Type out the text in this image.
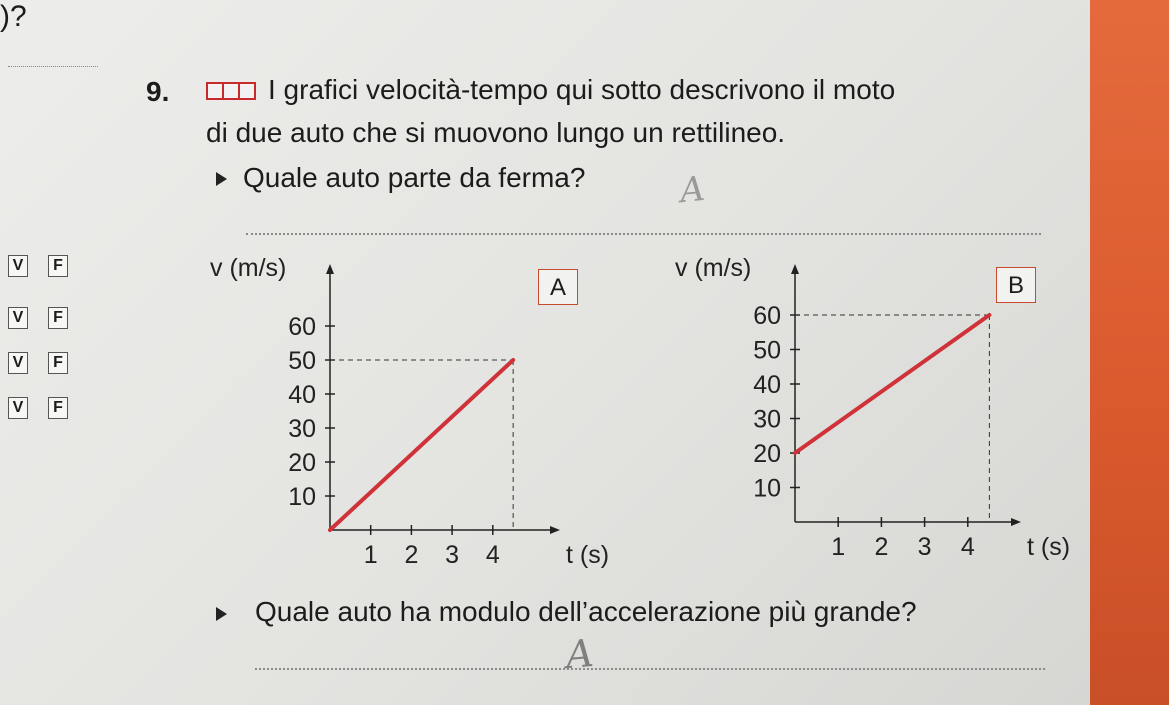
)?
9.	I grafici velocità-tempo qui sotto descrivono il moto
di due auto che si muovono lungo un rettilineo.
Quale auto parte da ferma?	A
V	F
V	F
V	F
V	F
v (m/s)
t (s)
10
20
30
40
50
60
1 2 3 4
A
v (m/s)
t (s)
10
20
30
40
50
60
1 2 3 4
B
Quale auto ha modulo dell’accelerazione più grande?
A
